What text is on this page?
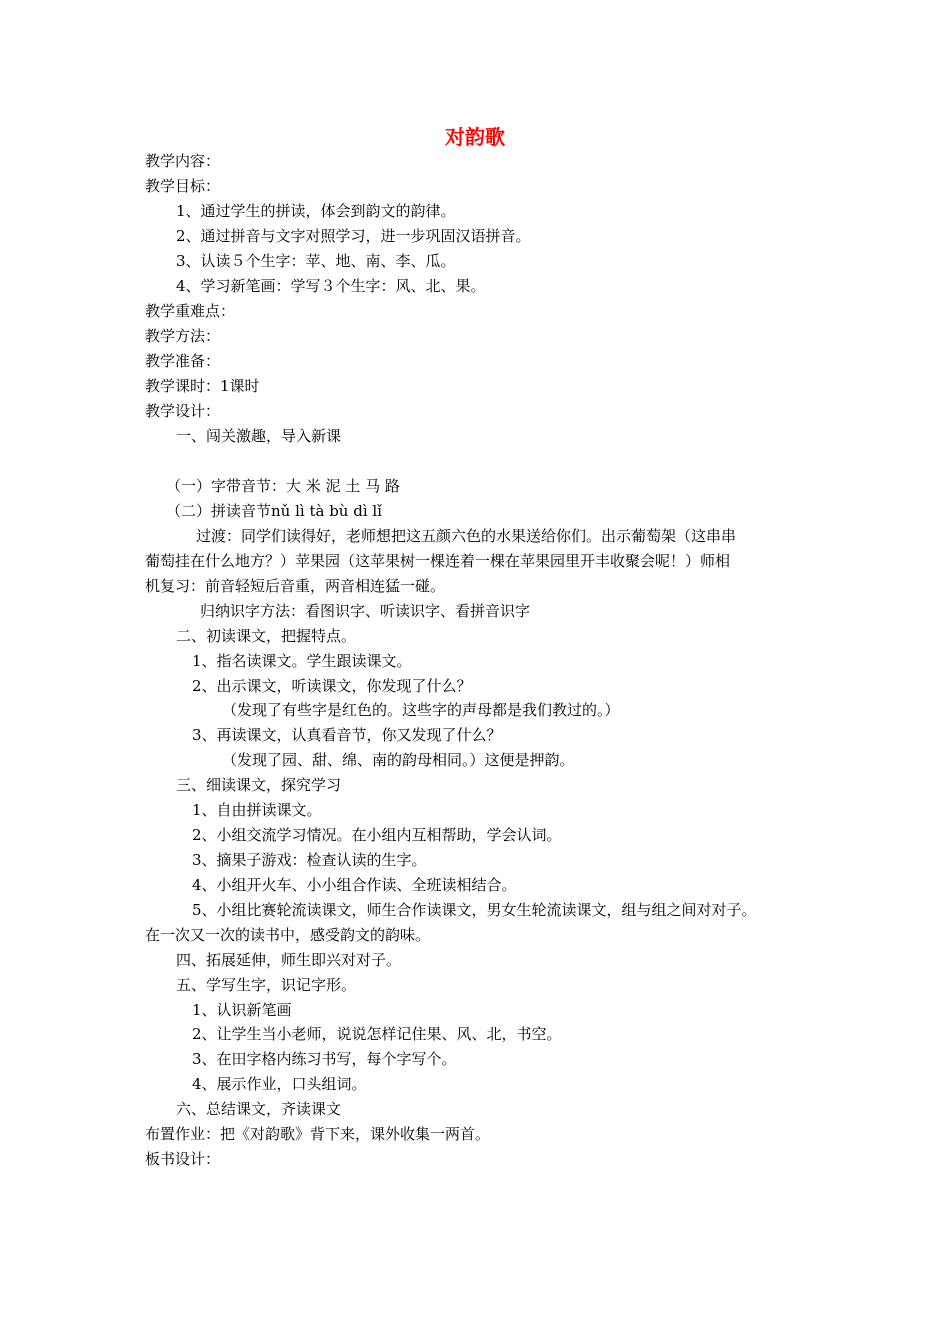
对韵歌
教学内容：
教学目标：
1、通过学生的拼读，体会到韵文的韵律。
2、通过拼音与文字对照学习，进一步巩固汉语拼音。
3、认读５个生字：苹、地、南、李、瓜。
4、学习新笔画：学写３个生字：风、北、果。
教学重难点：
教学方法：
教学准备：
教学课时：1课时
教学设计：
一、闯关激趣，导入新课
（一）字带音节：大 米 泥 土 马 路
（二）拼读音节nǔ lì tà bù dì lǐ
过渡：同学们读得好，老师想把这五颜六色的水果送给你们。出示葡萄架（这串串
葡萄挂在什么地方？）苹果园（这苹果树一棵连着一棵在苹果园里开丰收聚会呢！）师相
机复习：前音轻短后音重，两音相连猛一碰。
归纳识字方法：看图识字、听读识字、看拼音识字
二、初读课文，把握特点。
1、指名读课文。学生跟读课文。
2、出示课文，听读课文，你发现了什么？
（发现了有些字是红色的。这些字的声母都是我们教过的。）
3、再读课文，认真看音节，你又发现了什么？
（发现了园、甜、绵、南的韵母相同。）这便是押韵。
三、细读课文，探究学习
1、自由拼读课文。
2、小组交流学习情况。在小组内互相帮助，学会认词。
3、摘果子游戏：检查认读的生字。
4、小组开火车、小小组合作读、全班读相结合。
5、小组比赛轮流读课文，师生合作读课文，男女生轮流读课文，组与组之间对对子。
在一次又一次的读书中，感受韵文的韵味。
四、拓展延伸，师生即兴对对子。
五、学写生字，识记字形。
1、认识新笔画
2、让学生当小老师，说说怎样记住果、风、北，书空。
3、在田字格内练习书写，每个字写个。
4、展示作业，口头组词。
六、总结课文，齐读课文
布置作业：把《对韵歌》背下来，课外收集一两首。
板书设计：
